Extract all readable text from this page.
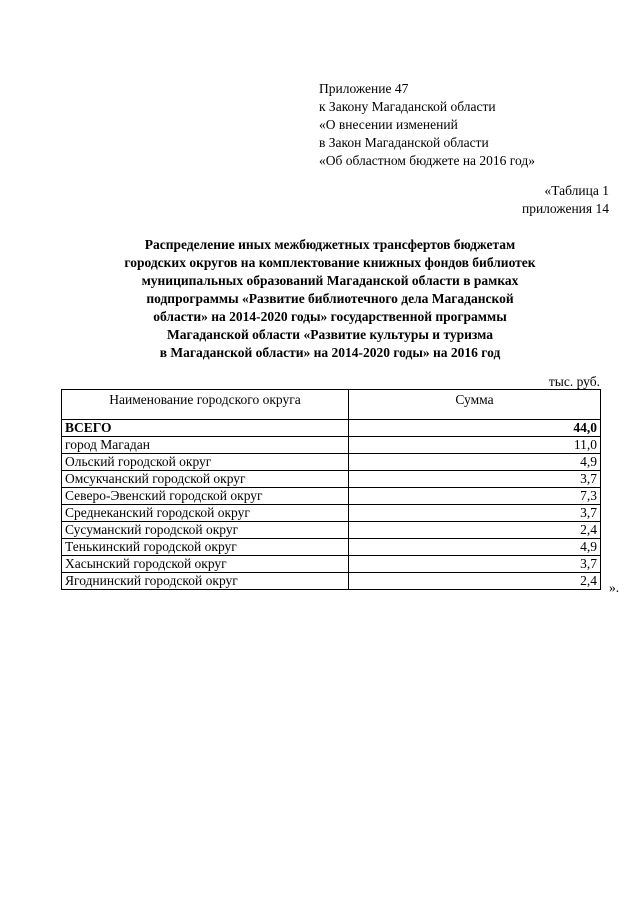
Приложение 47
к Закону Магаданской области
«О внесении изменений
в Закон Магаданской области
«Об областном бюджете на 2016 год»
«Таблица 1
приложения 14
Распределение иных межбюджетных трансфертов бюджетам
городских округов на комплектование книжных фондов библиотек
муниципальных образований Магаданской области в рамках
подпрограммы «Развитие библиотечного дела Магаданской
области» на 2014-2020 годы» государственной программы
Магаданской области «Развитие культуры и туризма
в Магаданской области» на 2014-2020 годы» на 2016 год
тыс. руб.
Наименование городского округа	Сумма
ВСЕГО	44,0
город Магадан	11,0
Ольский городской округ	4,9
Омсукчанский городской округ	3,7
Северо-Эвенский городской округ	7,3
Среднеканский городской округ	3,7
Сусуманский городской округ	2,4
Тенькинский городской округ	4,9
Хасынский городской округ	3,7
Ягоднинский городской округ	2,4 ».
